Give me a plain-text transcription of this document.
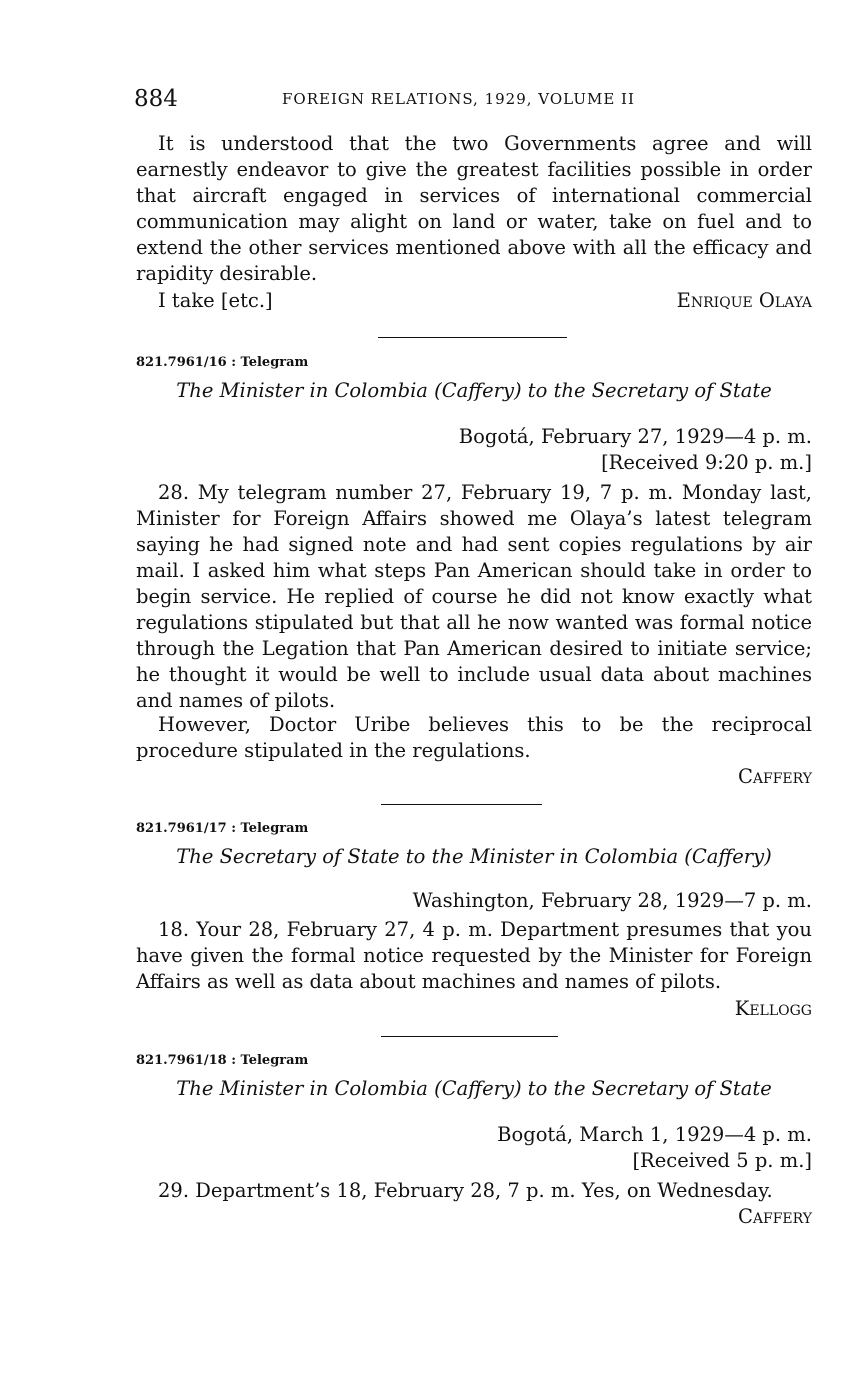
884	FOREIGN RELATIONS, 1929, VOLUME II
It is understood that the two Governments agree and will earnestly endeavor to give the greatest facilities possible in order that aircraft engaged in services of international commercial communication may alight on land or water, take on fuel and to extend the other services mentioned above with all the efficacy and rapidity desirable.
I take [etc.]	Enrique Olaya
821.7961/16 : Telegram
The Minister in Colombia (Caffery) to the Secretary of State
Bogotá, February 27, 1929—4 p. m.
[Received 9:20 p. m.]
28. My telegram number 27, February 19, 7 p. m. Monday last, Minister for Foreign Affairs showed me Olaya’s latest telegram saying he had signed note and had sent copies regulations by air mail. I asked him what steps Pan American should take in order to begin service. He replied of course he did not know exactly what regulations stipulated but that all he now wanted was formal notice through the Legation that Pan American desired to initiate service; he thought it would be well to include usual data about machines and names of pilots.
However, Doctor Uribe believes this to be the reciprocal procedure stipulated in the regulations.
Caffery
821.7961/17 : Telegram
The Secretary of State to the Minister in Colombia (Caffery)
Washington, February 28, 1929—7 p. m.
18. Your 28, February 27, 4 p. m. Department presumes that you have given the formal notice requested by the Minister for Foreign Affairs as well as data about machines and names of pilots.
Kellogg
821.7961/18 : Telegram
The Minister in Colombia (Caffery) to the Secretary of State
Bogotá, March 1, 1929—4 p. m.
[Received 5 p. m.]
29. Department’s 18, February 28, 7 p. m. Yes, on Wednesday.
Caffery
